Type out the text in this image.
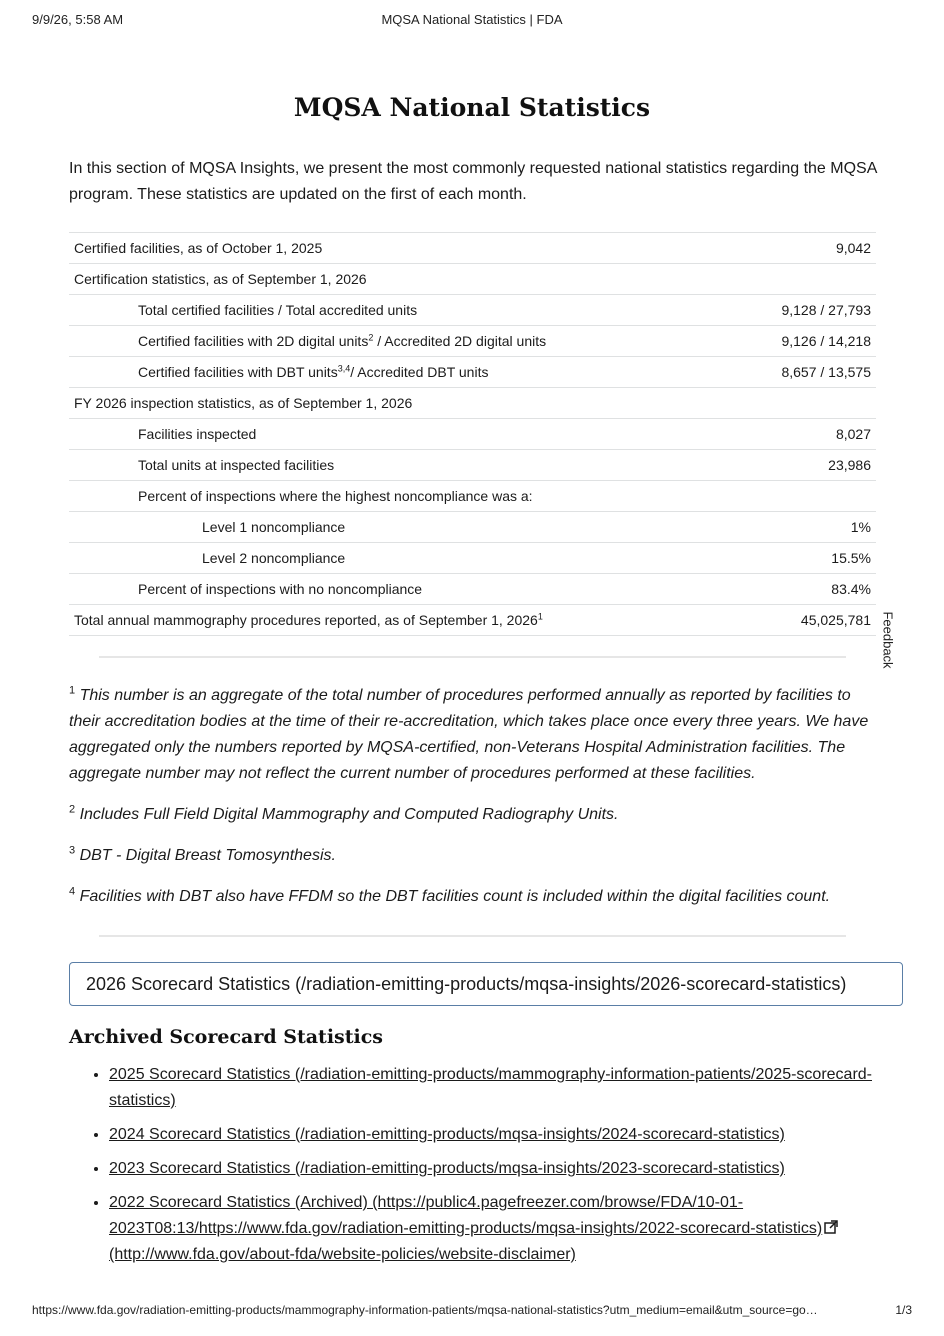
9/9/26, 5:58 AM	MQSA National Statistics | FDA
MQSA National Statistics

In this section of MQSA Insights, we present the most commonly requested national statistics regarding the MQSA program. These statistics are updated on the first of each month.

Certified facilities, as of October 1, 2025	9,042
Certification statistics, as of September 1, 2026	
Total certified facilities / Total accredited units	9,128 / 27,793
Certified facilities with 2D digital units$^2$ / Accredited 2D digital units	9,126 / 14,218
Certified facilities with DBT units$^{3,4}$/ Accredited DBT units	8,657 / 13,575
FY 2026 inspection statistics, as of September 1, 2026	
Facilities inspected	8,027
Total units at inspected facilities	23,986
Percent of inspections where the highest noncompliance was a:	
Level 1 noncompliance	1%
Level 2 noncompliance	15.5%
Percent of inspections with no noncompliance	83.4%
Total annual mammography procedures reported, as of September 1, 2026$^1$	45,025,781 Feedback

$^1$ This number is an aggregate of the total number of procedures performed annually as reported by facilities to their accreditation bodies at the time of their re-accreditation, which takes place once every three years. We have aggregated only the numbers reported by MQSA-certified, non-Veterans Hospital Administration facilities. The aggregate number may not reflect the current number of procedures performed at these facilities.

$^2$ Includes Full Field Digital Mammography and Computed Radiography Units.

$^3$ DBT - Digital Breast Tomosynthesis.

$^4$ Facilities with DBT also have FFDM so the DBT facilities count is included within the digital facilities count.

2026 Scorecard Statistics (/radiation-emitting-products/mqsa-insights/2026-scorecard-statistics)
Archived Scorecard Statistics
• 2025 Scorecard Statistics (/radiation-emitting-products/mammography-information-patients/2025-scorecard-statistics)
• 2024 Scorecard Statistics (/radiation-emitting-products/mqsa-insights/2024-scorecard-statistics)
• 2023 Scorecard Statistics (/radiation-emitting-products/mqsa-insights/2023-scorecard-statistics)
• 2022 Scorecard Statistics (Archived) (https://public4.pagefreezer.com/browse/FDA/10-01-2023T08:13/https://www.fda.gov/radiation-emitting-products/mqsa-insights/2022-scorecard-statistics)(http://www.fda.gov/about-fda/website-policies/website-disclaimer)
https://www.fda.gov/radiation-emitting-products/mammography-information-patients/mqsa-national-statistics?utm_medium=email&utm_source=go…	1/3
